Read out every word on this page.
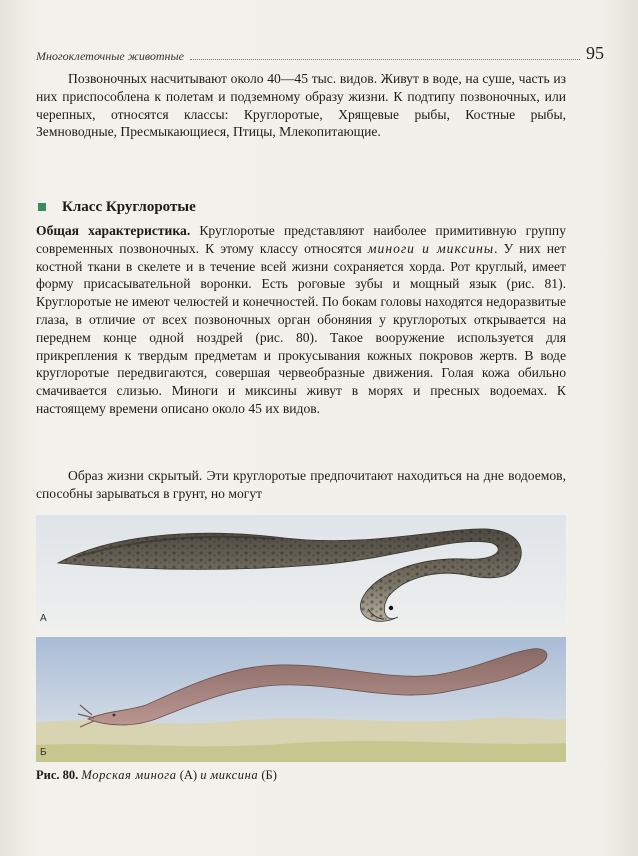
Многоклеточные животные	95

Позвоночных насчитывают около 40—45 тыс. видов. Живут в воде, на суше, часть из них приспособлена к полетам и подземному образу жизни. К подтипу позвоночных, или черепных, относятся классы: Круглоротые, Хрящевые рыбы, Костные рыбы, Земноводные, Пресмыкающиеся, Птицы, Млекопитающие.

Класс Круглоротые

Общая характеристика. Круглоротые представляют наиболее примитивную группу современных позвоночных. К этому классу относятся миноги и миксины. У них нет костной ткани в скелете и в течение всей жизни сохраняется хорда. Рот круглый, имеет форму присасывательной воронки. Есть роговые зубы и мощный язык (рис. 81). Круглоротые не имеют челюстей и конечностей. По бокам головы находятся недоразвитые глаза, в отличие от всех позвоночных орган обоняния у круглоротых открывается на переднем конце одной ноздрей (рис. 80). Такое вооружение используется для прикрепления к твердым предметам и прокусывания кожных покровов жертв. В воде круглоротые передвигаются, совершая червеобразные движения. Голая кожа обильно смачивается слизью. Миноги и миксины живут в морях и пресных водоемах. К настоящему времени описано около 45 их видов.

Образ жизни скрытый. Эти круглоротые предпочитают находиться на дне водоемов, способны зарываться в грунт, но могут

А
Б
Рис. 80. Морская минога (А) и миксина (Б)
